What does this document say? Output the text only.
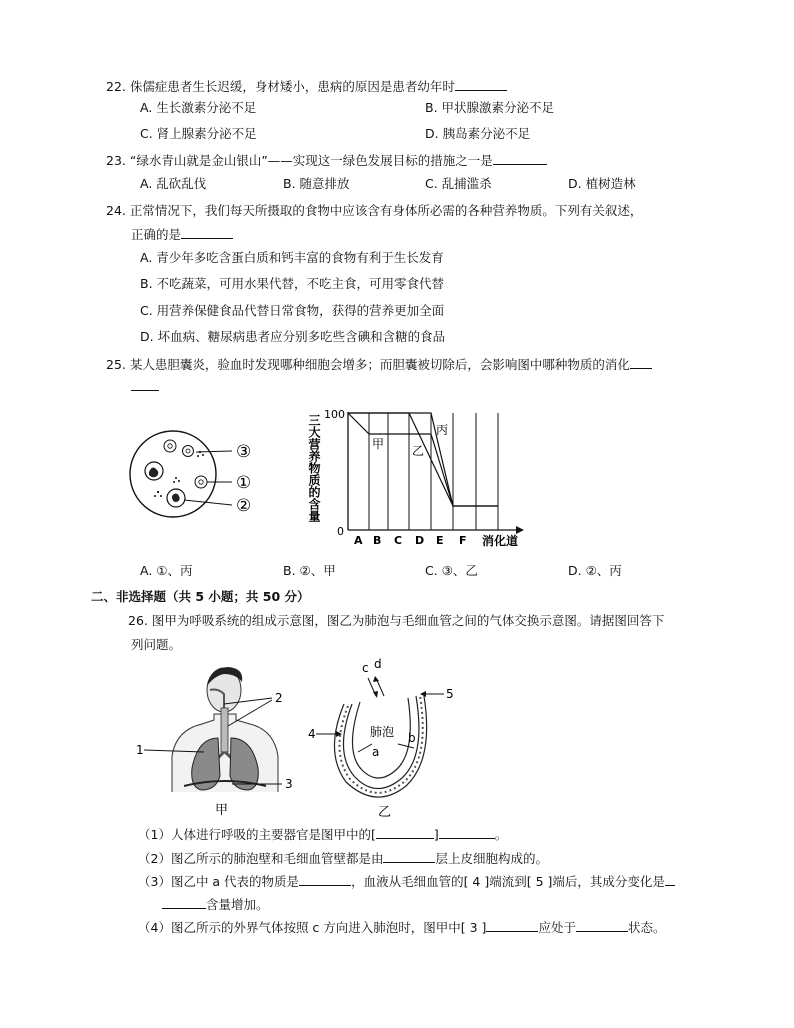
22. 侏儒症患者生长迟缓，身材矮小，患病的原因是患者幼年时
A. 生长激素分泌不足	B. 甲状腺激素分泌不足
C. 肾上腺素分泌不足	D. 胰岛素分泌不足
23. “绿水青山就是金山银山”——实现这一绿色发展目标的措施之一是
A. 乱砍乱伐	B. 随意排放	C. 乱捕滥杀	D. 植树造林
24. 正常情况下，我们每天所摄取的食物中应该含有身体所必需的各种营养物质。下列有关叙述，
正确的是
A. 青少年多吃含蛋白质和钙丰富的食物有利于生长发育
B. 不吃蔬菜，可用水果代替，不吃主食，可用零食代替
C. 用营养保健食品代替日常食物，获得的营养更加全面
D. 坏血病、糖尿病患者应分别多吃些含碘和含糖的食品
25. 某人患胆囊炎，验血时发现哪种细胞会增多；而胆囊被切除后，会影响图中哪种物质的消化
③
①
②	三大营养物质的含量 100
0
甲 乙
丙
A B C D E F 消化道
A. ①、丙	B. ②、甲	C. ③、乙	D. ②、丙
二、非选择题（共 5 小题；共 50 分）
26. 图甲为呼吸系统的组成示意图，图乙为肺泡与毛细血管之间的气体交换示意图。请据图回答下
列问题。
1
2
3
甲
c d
肺泡
a
b
4
5
乙
（1）人体进行呼吸的主要器官是图甲中的[	]	。
（2）图乙所示的肺泡壁和毛细血管壁都是由	层上皮细胞构成的。
（3）图乙中 a 代表的物质是	，血液从毛细血管的[ 4 ]端流到[ 5 ]端后，其成分变化是
含量增加。
（4）图乙所示的外界气体按照 c 方向进入肺泡时，图甲中[ 3 ]	应处于	状态。
